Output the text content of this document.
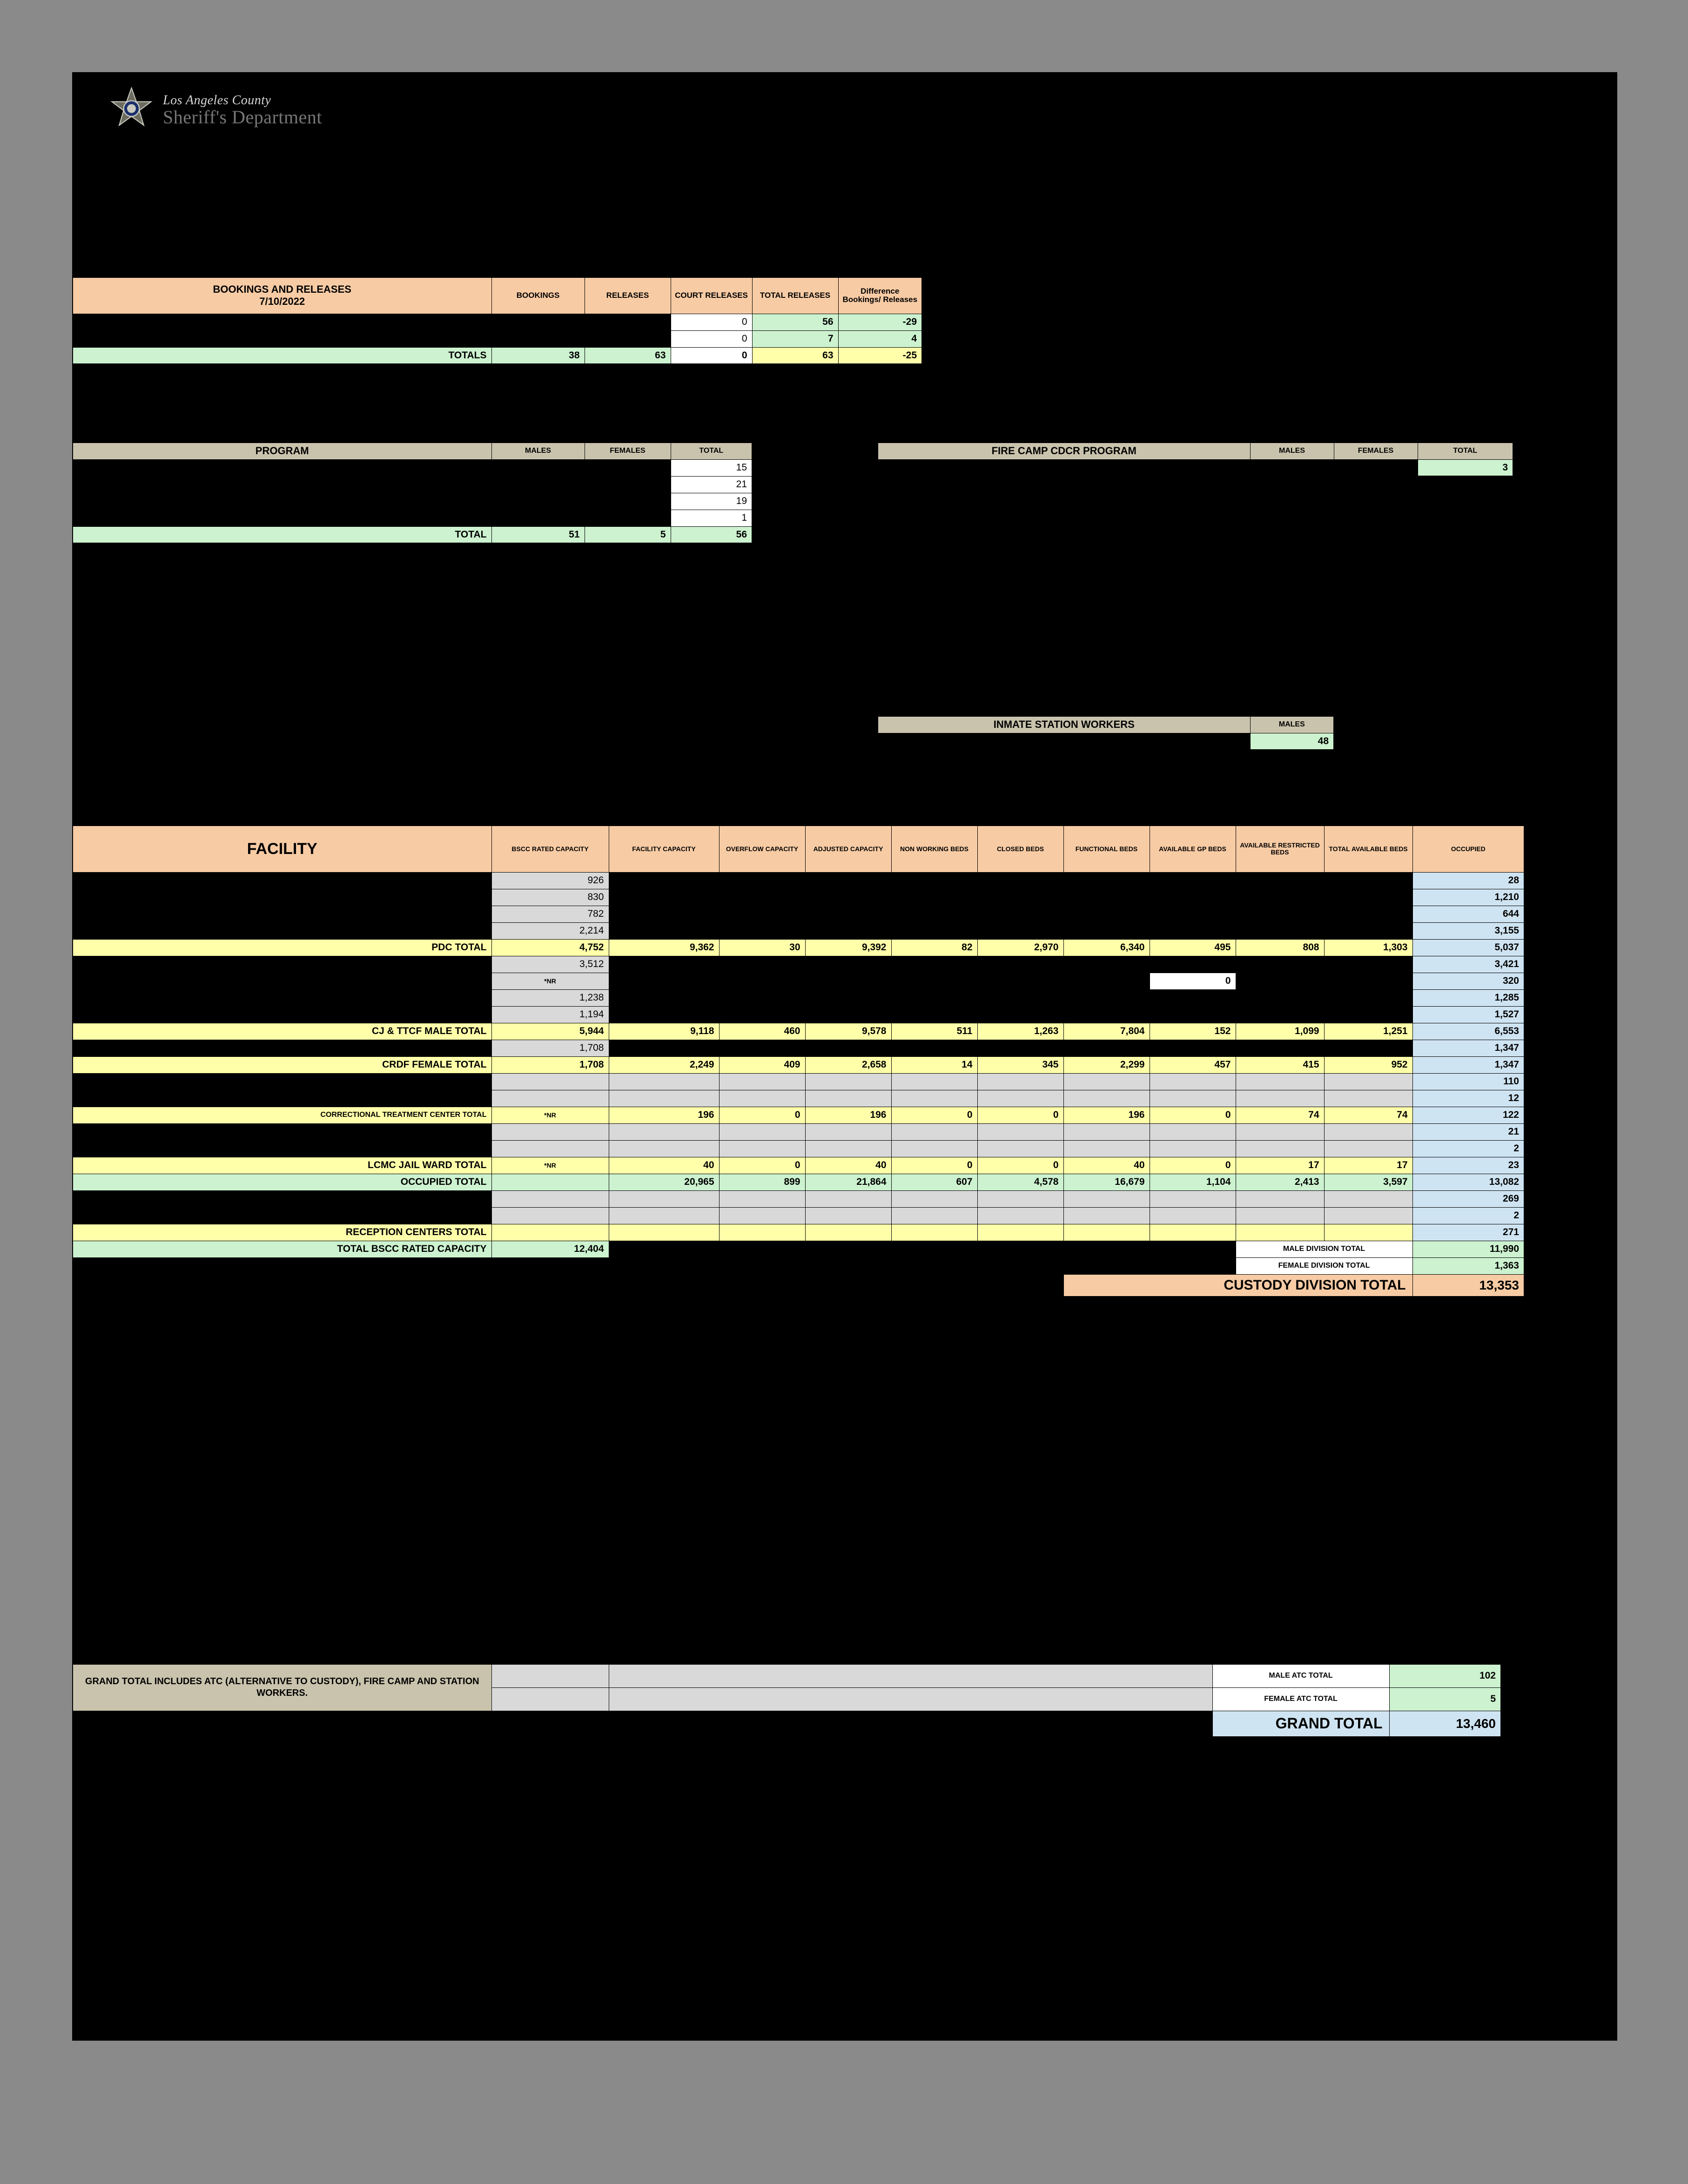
Los Angeles County
Sheriff's Department
BOOKINGS AND RELEASES
7/10/2022	BOOKINGS	RELEASES	COURT RELEASES	TOTAL RELEASES	Difference Bookings/ Releases
			0	56	-29
			0	7	4
TOTALS	38	63	0	63	-25
PROGRAM	MALES	FEMALES	TOTAL
			15
			21
			19
			1
TOTAL	51	5	56
FIRE CAMP CDCR PROGRAM	MALES	FEMALES	TOTAL
			3
INMATE STATION WORKERS	MALES
	48
FACILITY	BSCC RATED CAPACITY	FACILITY CAPACITY	OVERFLOW CAPACITY	ADJUSTED CAPACITY	NON WORKING BEDS	CLOSED BEDS	FUNCTIONAL BEDS	AVAILABLE GP BEDS	AVAILABLE RESTRICTED BEDS	TOTAL AVAILABLE BEDS	OCCUPIED
	926										28
	830										1,210
	782										644
	2,214										3,155
PDC TOTAL	4,752	9,362	30	9,392	82	2,970	6,340	495	808	1,303	5,037
	3,512										3,421
	*NR							0			320
	1,238										1,285
	1,194										1,527
CJ & TTCF MALE TOTAL	5,944	9,118	460	9,578	511	1,263	7,804	152	1,099	1,251	6,553
	1,708										1,347
CRDF FEMALE TOTAL	1,708	2,249	409	2,658	14	345	2,299	457	415	952	1,347
											110
											12
CORRECTIONAL TREATMENT CENTER TOTAL	*NR	196	0	196	0	0	196	0	74	74	122
											21
											2
LCMC JAIL WARD TOTAL	*NR	40	0	40	0	0	40	0	17	17	23
OCCUPIED TOTAL		20,965	899	21,864	607	4,578	16,679	1,104	2,413	3,597	13,082
											269
											2
RECEPTION CENTERS TOTAL											271
TOTAL BSCC RATED CAPACITY	12,404								MALE DIVISION TOTAL		11,990
									FEMALE DIVISION TOTAL		1,363
							CUSTODY DIVISION TOTAL				13,353
GRAND TOTAL INCLUDES ATC (ALTERNATIVE TO CUSTODY), FIRE CAMP AND STATION WORKERS.			MALE ATC TOTAL	102
			FEMALE ATC TOTAL	5
			GRAND TOTAL	13,460
